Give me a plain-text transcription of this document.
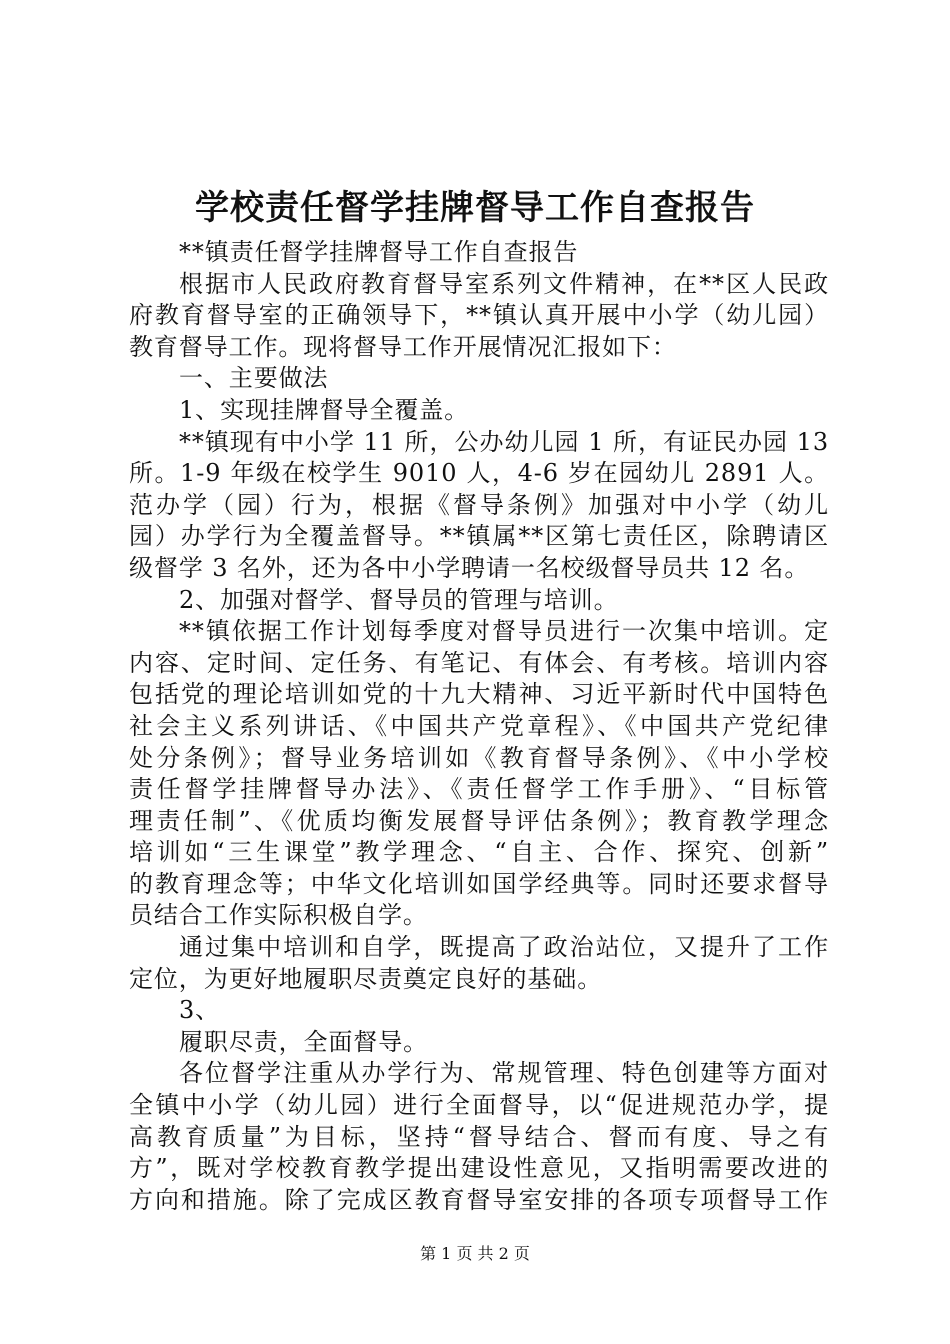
学校责任督学挂牌督导工作自查报告
**镇责任督学挂牌督导工作自查报告
根据市人民政府教育督导室系列文件精神，在**区人民政
府教育督导室的正确领导下，**镇认真开展中小学（幼儿园）
教育督导工作。现将督导工作开展情况汇报如下：
一、主要做法
1、实现挂牌督导全覆盖。
**镇现有中小学 11 所，公办幼儿园 1 所，有证民办园 13
所。1-9 年级在校学生 9010 人，4-6 岁在园幼儿 2891 人。
范办学（园）行为，根据《督导条例》加强对中小学（幼儿
园）办学行为全覆盖督导。**镇属**区第七责任区，除聘请区
级督学 3 名外，还为各中小学聘请一名校级督导员共 12 名。
2、加强对督学、督导员的管理与培训。
**镇依据工作计划每季度对督导员进行一次集中培训。定
内容、定时间、定任务、有笔记、有体会、有考核。培训内容
包括党的理论培训如党的十九大精神、习近平新时代中国特色
社会主义系列讲话、《中国共产党章程》、《中国共产党纪律
处分条例》；督导业务培训如《教育督导条例》、《中小学校
责任督学挂牌督导办法》、《责任督学工作手册》、“目标管
理责任制”、《优质均衡发展督导评估条例》；教育教学理念
培训如“三生课堂”教学理念、“自主、合作、探究、创新”
的教育理念等；中华文化培训如国学经典等。同时还要求督导
员结合工作实际积极自学。
通过集中培训和自学，既提高了政治站位，又提升了工作
定位，为更好地履职尽责奠定良好的基础。
3、
履职尽责，全面督导。
各位督学注重从办学行为、常规管理、特色创建等方面对
全镇中小学（幼儿园）进行全面督导，以“促进规范办学，提
高教育质量”为目标，坚持“督导结合、督而有度、导之有
方”，既对学校教育教学提出建设性意见，又指明需要改进的
方向和措施。除了完成区教育督导室安排的各项专项督导工作
第 1 页 共 2 页
